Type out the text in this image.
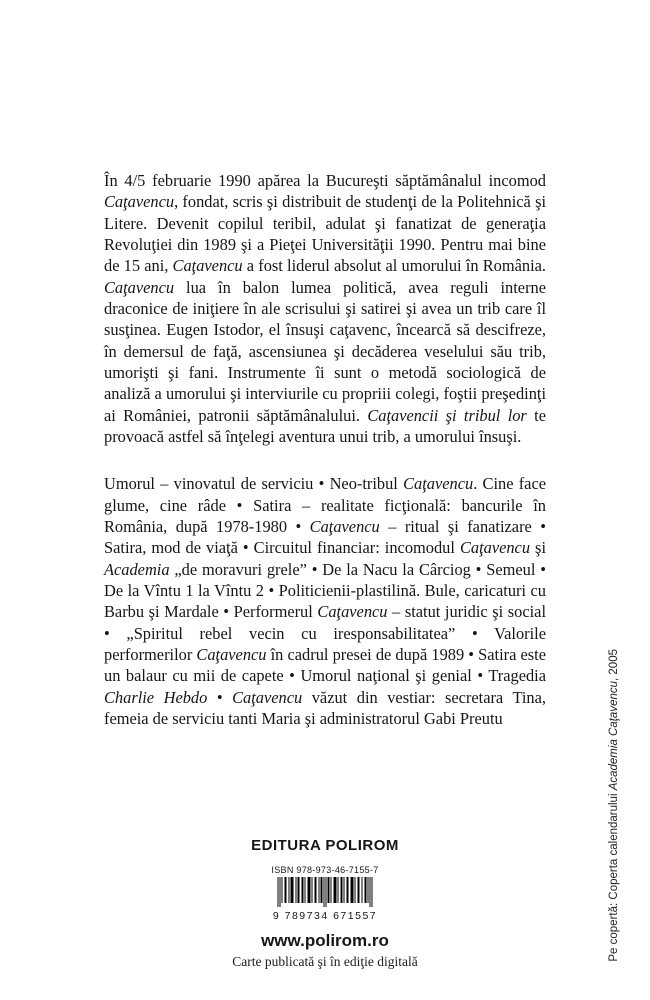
În 4/5 februarie 1990 apărea la Bucureşti săptămânalul incomod Caţavencu, fondat, scris şi distribuit de studenţi de la Politehnică şi Litere. Devenit copilul teribil, adulat şi fanatizat de generaţia Revoluţiei din 1989 şi a Pieţei Universităţii 1990. Pentru mai bine de 15 ani, Caţavencu a fost liderul absolut al umorului în România. Caţavencu lua în balon lumea politică, avea reguli interne draconice de iniţiere în ale scrisului şi satirei şi avea un trib care îl susţinea. Eugen Istodor, el însuşi caţavenc, încearcă să descifreze, în demersul de faţă, ascensiunea şi decăderea veselului său trib, umorişti şi fani. Instrumente îi sunt o metodă sociologică de analiză a umorului şi interviurile cu propriii colegi, foştii preşedinţi ai României, patronii săptămânalului. Caţavencii şi tribul lor te provoacă astfel să înţelegi aventura unui trib, a umorului însuşi.

Umorul – vinovatul de serviciu • Neo-tribul Caţavencu. Cine face glume, cine râde • Satira – realitate ficţională: bancurile în România, după 1978-1980 • Caţavencu – ritual şi fanatizare • Satira, mod de viaţă • Circuitul financiar: incomodul Caţavencu şi Academia „de moravuri grele” • De la Nacu la Cârciog • Semeul • De la Vîntu 1 la Vîntu 2 • Politicienii-plastilină. Bule, caricaturi cu Barbu şi Mardale • Performerul Caţavencu – statut juridic şi social • „Spiritul rebel vecin cu iresponsabilitatea” • Valorile performerilor Caţavencu în cadrul presei de după 1989 • Satira este un balaur cu mii de capete • Umorul naţional şi genial • Tragedia Charlie Hebdo • Caţavencu văzut din vestiar: secretara Tina, femeia de serviciu tanti Maria şi administratorul Gabi Preutu

Pe copertă: Coperta calendarului Academia Caţavencu, 2005
EDITURA POLIROM
ISBN 978-973-46-7155-7
9 789734 671557
www.polirom.ro
Carte publicată şi în ediţie digitală
